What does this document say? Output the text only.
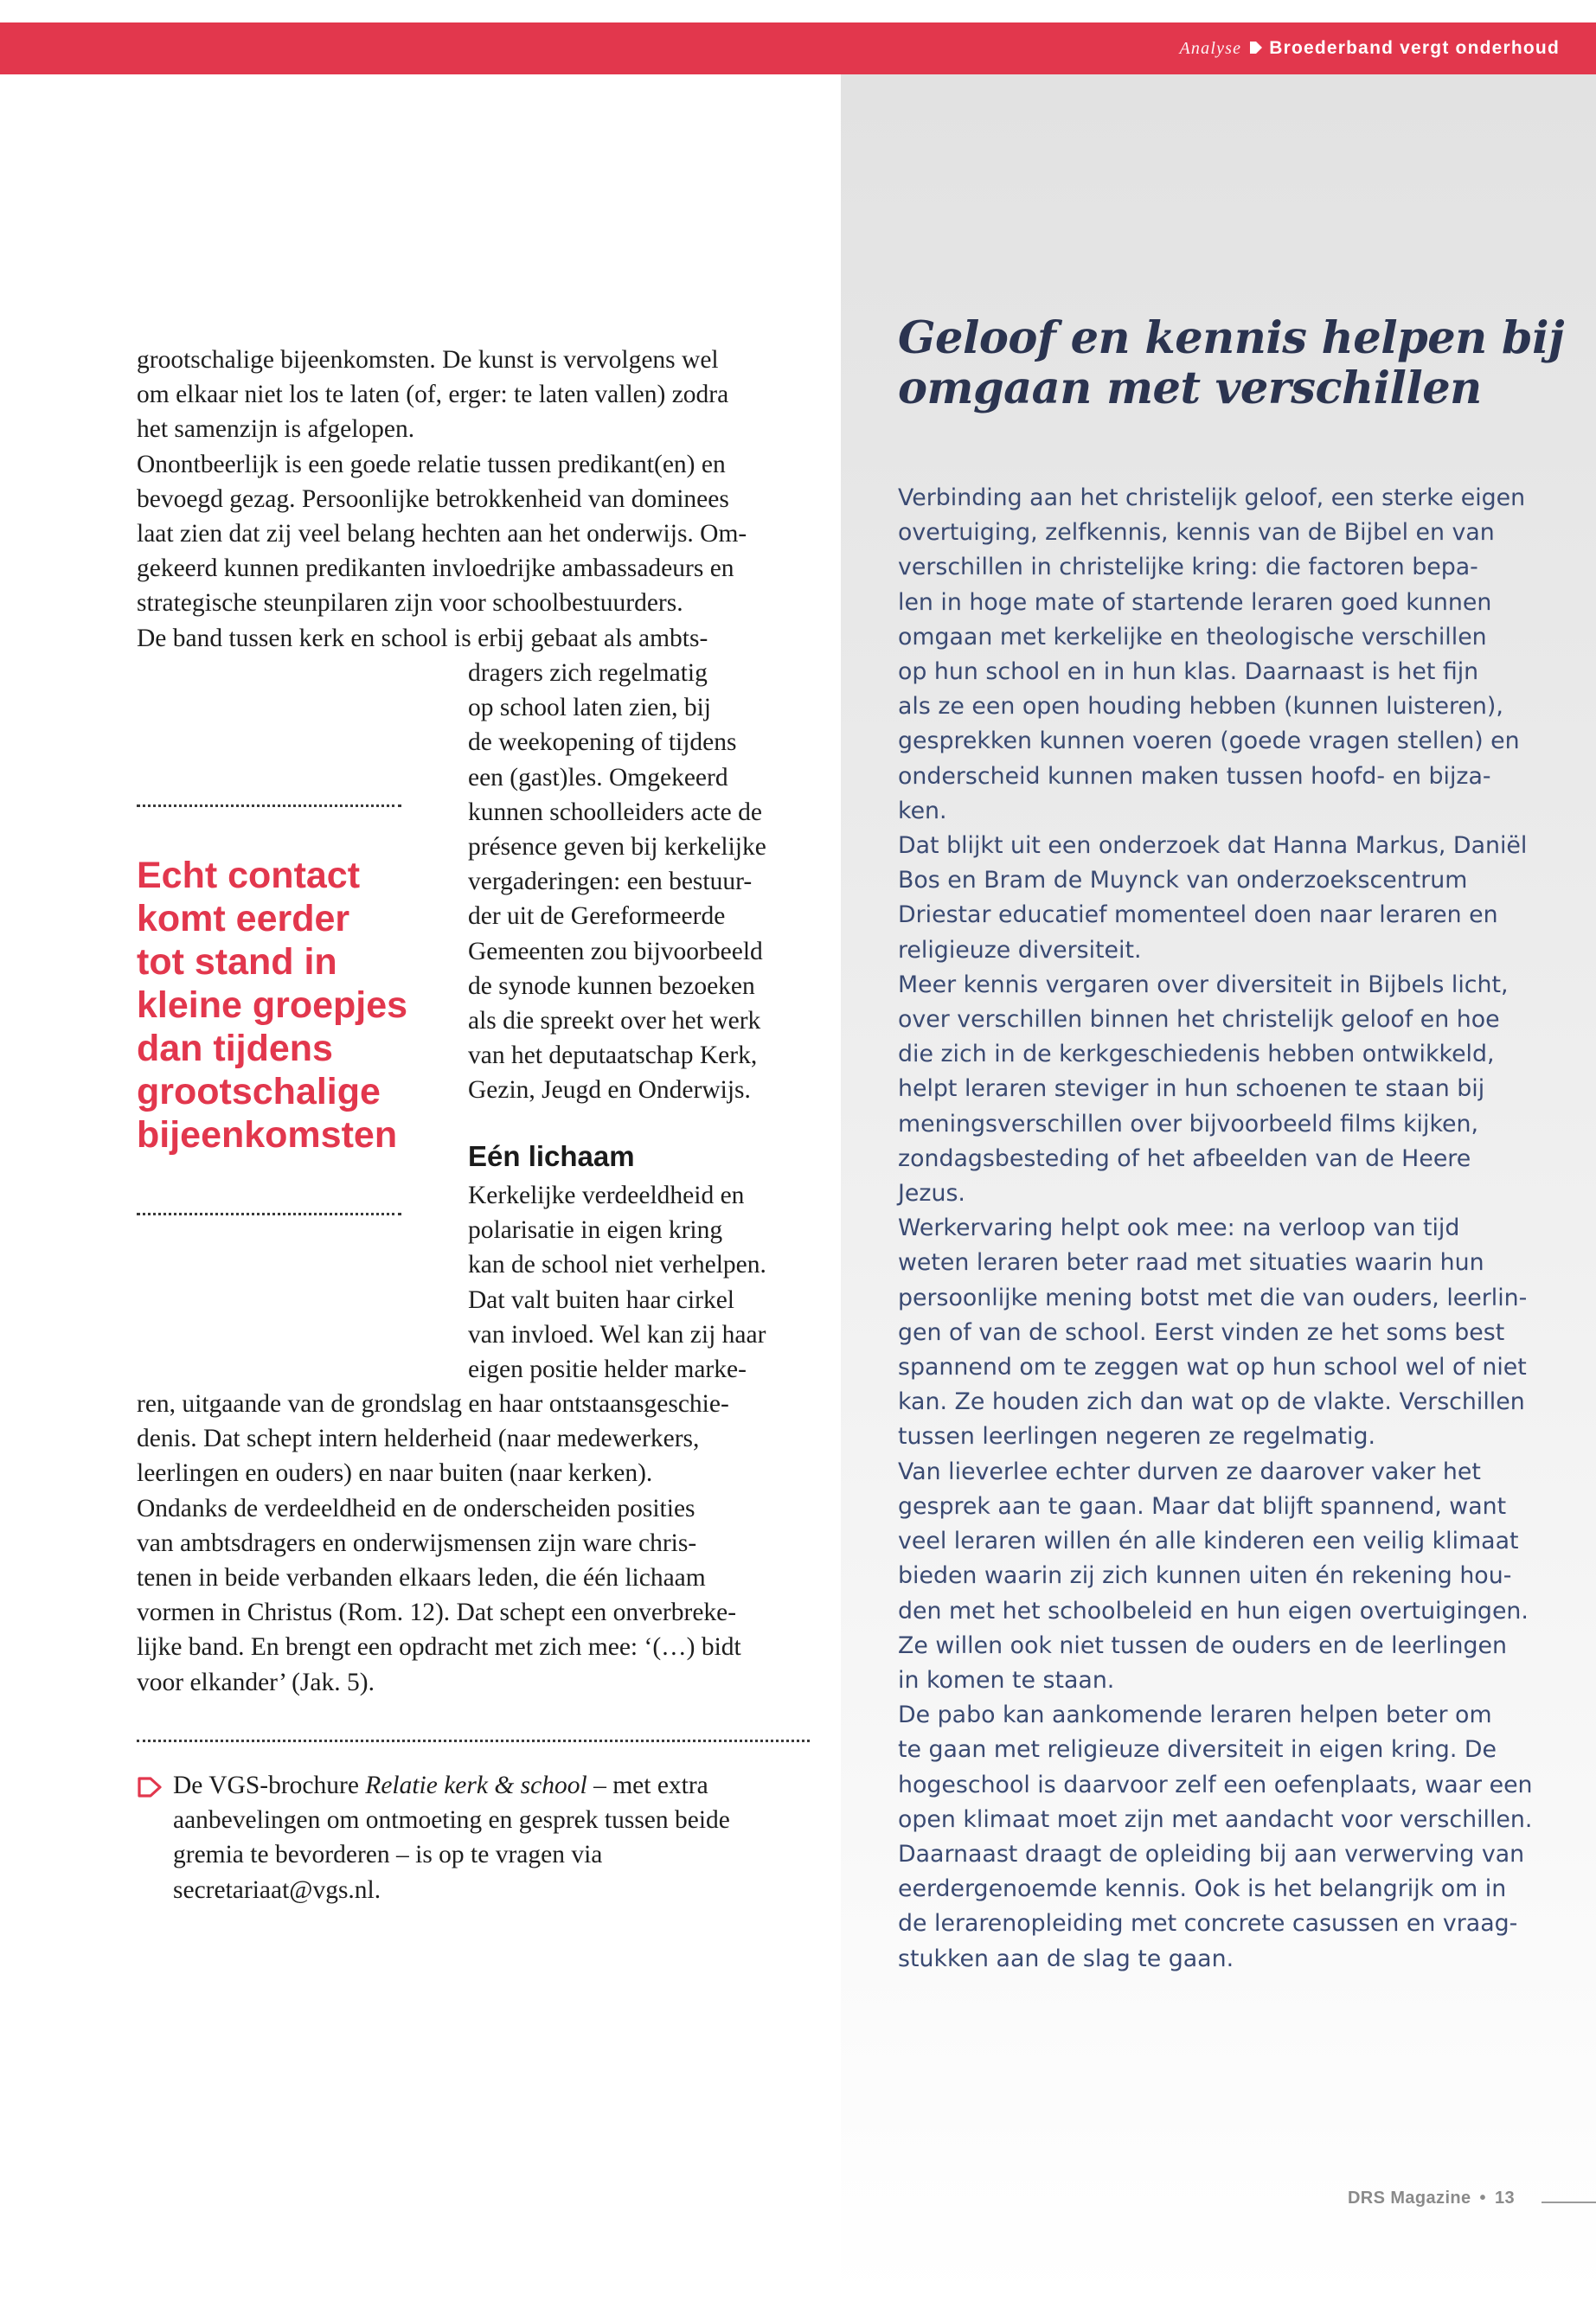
Analyse Broederband vergt onderhoud

grootschalige bijeenkomsten. De kunst is vervolgens wel

om elkaar niet los te laten (of, erger: te laten vallen) zodra

het samenzijn is afgelopen.

Onontbeerlijk is een goede relatie tussen predikant(en) en

bevoegd gezag. Persoonlijke betrokkenheid van dominees

laat zien dat zij veel belang hechten aan het onderwijs. Om-

gekeerd kunnen predikanten invloedrijke ambassadeurs en

strategische steunpilaren zijn voor schoolbestuurders.

De band tussen kerk en school is erbij gebaat als ambts-

dragers zich regelmatig

op school laten zien, bij

de weekopening of tijdens

een (gast)les. Omgekeerd

kunnen schoolleiders acte de

présence geven bij kerkelijke

vergaderingen: een bestuur-

der uit de Gereformeerde

Gemeenten zou bijvoorbeeld

de synode kunnen bezoeken

als die spreekt over het werk

van het deputaatschap Kerk,

Gezin, Jeugd en Onderwijs.

Eén lichaam

Kerkelijke verdeeldheid en

polarisatie in eigen kring

kan de school niet verhelpen.

Dat valt buiten haar cirkel

van invloed. Wel kan zij haar

eigen positie helder marke-

ren, uitgaande van de grondslag en haar ontstaansgeschie-

denis. Dat schept intern helderheid (naar medewerkers,

leerlingen en ouders) en naar buiten (naar kerken).

Ondanks de verdeeldheid en de onderscheiden posities

van ambtsdragers en onderwijsmensen zijn ware chris-

tenen in beide verbanden elkaars leden, die één lichaam

vormen in Christus (Rom. 12). Dat schept een onverbreke-

lijke band. En brengt een opdracht met zich mee: ‘(…) bidt

voor elkander’ (Jak. 5).

Echt contact
komt eerder
tot stand in
kleine groepjes
dan tijdens
grootschalige
bijeenkomsten

De VGS-brochure Relatie kerk & school – met extra

aanbevelingen om ontmoeting en gesprek tussen beide

gremia te bevorderen – is op te vragen via

secretariaat@vgs.nl.

Geloof en kennis helpen bij
omgaan met verschillen

Verbinding aan het christelijk geloof, een sterke eigen

overtuiging, zelfkennis, kennis van de Bijbel en van

verschillen in christelijke kring: die factoren bepa-

len in hoge mate of startende leraren goed kunnen

omgaan met kerkelijke en theologische verschillen

op hun school en in hun klas. Daarnaast is het fijn

als ze een open houding hebben (kunnen luisteren),

gesprekken kunnen voeren (goede vragen stellen) en

onderscheid kunnen maken tussen hoofd- en bijza-

ken.

Dat blijkt uit een onderzoek dat Hanna Markus, Daniël

Bos en Bram de Muynck van onderzoekscentrum

Driestar educatief momenteel doen naar leraren en

religieuze diversiteit.

Meer kennis vergaren over diversiteit in Bijbels licht,

over verschillen binnen het christelijk geloof en hoe

die zich in de kerkgeschiedenis hebben ontwikkeld,

helpt leraren steviger in hun schoenen te staan bij

meningsverschillen over bijvoorbeeld films kijken,

zondagsbesteding of het afbeelden van de Heere

Jezus.

Werkervaring helpt ook mee: na verloop van tijd

weten leraren beter raad met situaties waarin hun

persoonlijke mening botst met die van ouders, leerlin-

gen of van de school. Eerst vinden ze het soms best

spannend om te zeggen wat op hun school wel of niet

kan. Ze houden zich dan wat op de vlakte. Verschillen

tussen leerlingen negeren ze regelmatig.

Van lieverlee echter durven ze daarover vaker het

gesprek aan te gaan. Maar dat blijft spannend, want

veel leraren willen én alle kinderen een veilig klimaat

bieden waarin zij zich kunnen uiten én rekening hou-

den met het schoolbeleid en hun eigen overtuigingen.

Ze willen ook niet tussen de ouders en de leerlingen

in komen te staan.

De pabo kan aankomende leraren helpen beter om

te gaan met religieuze diversiteit in eigen kring. De

hogeschool is daarvoor zelf een oefenplaats, waar een

open klimaat moet zijn met aandacht voor verschillen.

Daarnaast draagt de opleiding bij aan verwerving van

eerdergenoemde kennis. Ook is het belangrijk om in

de lerarenopleiding met concrete casussen en vraag-

stukken aan de slag te gaan.

DRS Magazine • 13
